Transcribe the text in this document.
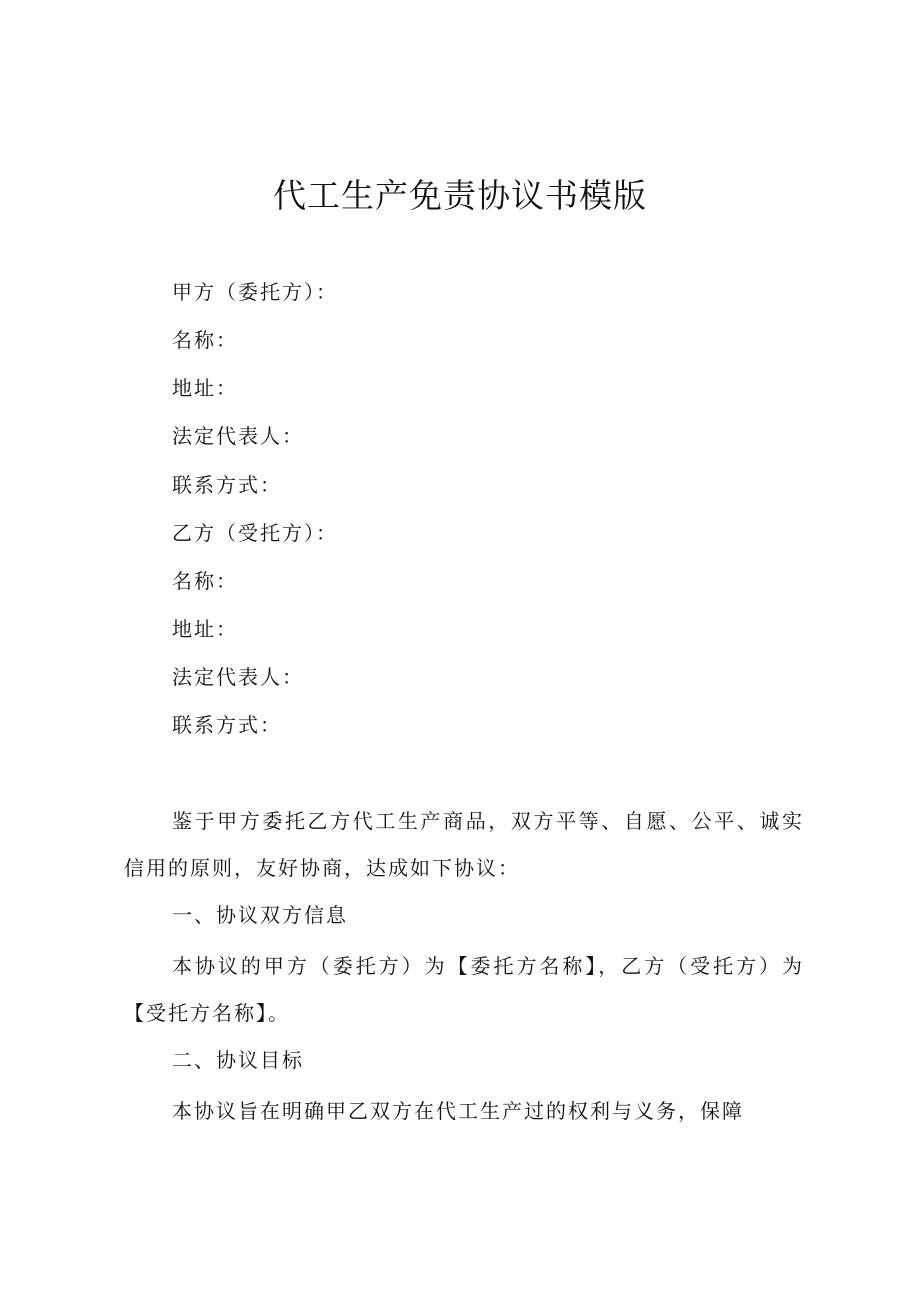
代工生产免责协议书模版
甲方（委托方）：
名称：
地址：
法定代表人：
联系方式：
乙方（受托方）：
名称：
地址：
法定代表人：
联系方式：
鉴于甲方委托乙方代工生产商品，双方平等、自愿、公平、诚实信用的原则，友好协商，达成如下协议：
一、协议双方信息
本协议的甲方（委托方）为【委托方名称】，乙方（受托方）为【受托方名称】。
二、协议目标
本协议旨在明确甲乙双方在代工生产过的权利与义务，保障
